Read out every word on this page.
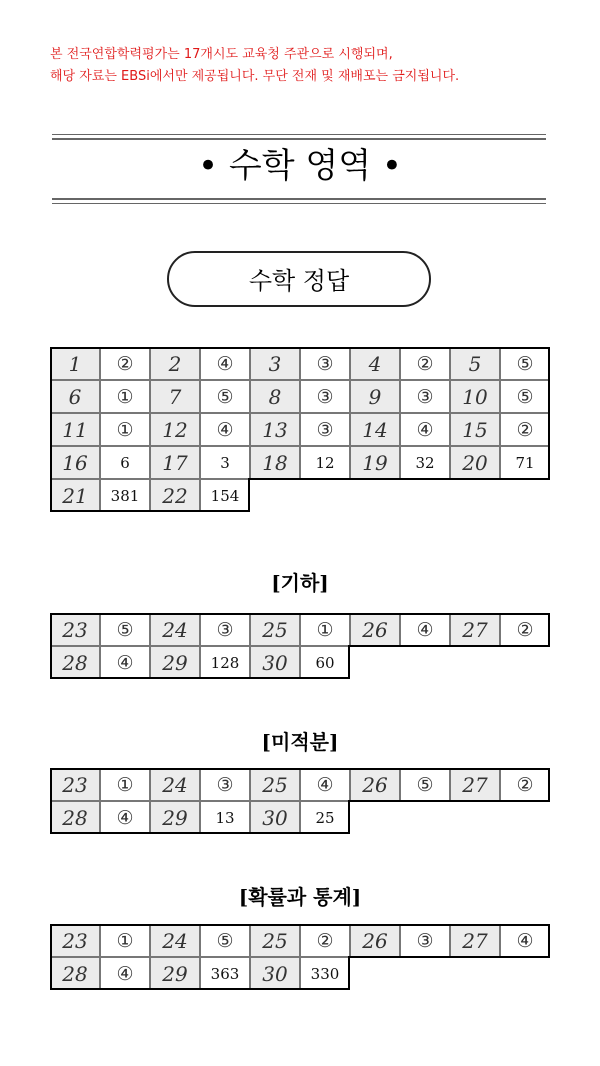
본 전국연합학력평가는 17개시도 교육청 주관으로 시행되며,
해당 자료는 EBSi에서만 제공됩니다. 무단 전재 및 재배포는 금지됩니다.
• 수학 영역 •
수학 정답
1	②	2	④	3	③	4	②	5	⑤
6	①	7	⑤	8	③	9	③	10	⑤
11	①	12	④	13	③	14	④	15	②
16	6	17	3	18	12	19	32	20	71
21	381	22	154
[기하]
23	⑤	24	③	25	①	26	④	27	②
28	④	29	128	30	60
[미적분]
23	①	24	③	25	④	26	⑤	27	②
28	④	29	13	30	25
[확률과 통계]
23	①	24	⑤	25	②	26	③	27	④
28	④	29	363	30	330
